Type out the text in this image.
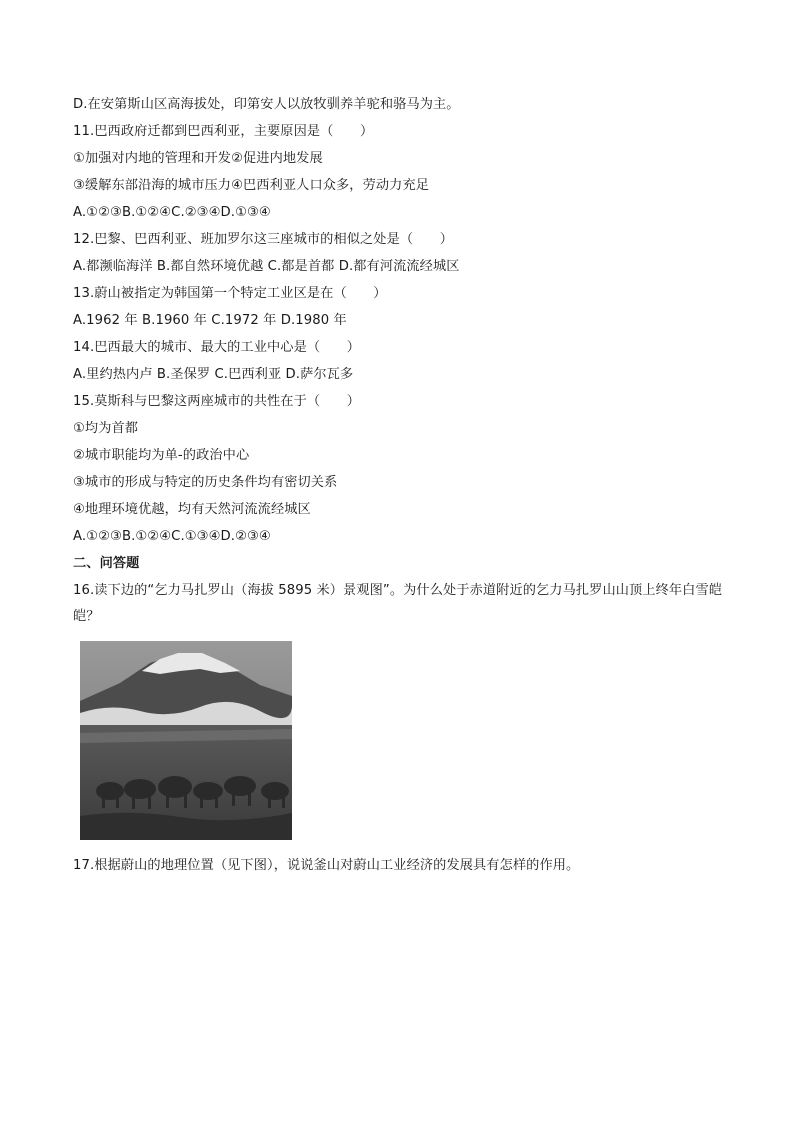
D.在安第斯山区高海拔处，印第安人以放牧驯养羊驼和骆马为主。
11.巴西政府迁都到巴西利亚，主要原因是（　　）
①加强对内地的管理和开发②促进内地发展
③缓解东部沿海的城市压力④巴西利亚人口众多，劳动力充足
A.①②③B.①②④C.②③④D.①③④
12.巴黎、巴西利亚、班加罗尔这三座城市的相似之处是（　　）
A.都濒临海洋 B.都自然环境优越 C.都是首都 D.都有河流流经城区
13.蔚山被指定为韩国第一个特定工业区是在（　　）
A.1962 年 B.1960 年 C.1972 年 D.1980 年
14.巴西最大的城市、最大的工业中心是（　　）
A.里约热内卢 B.圣保罗 C.巴西利亚 D.萨尔瓦多
15.莫斯科与巴黎这两座城市的共性在于（　　）
①均为首都
②城市职能均为单-的政治中心
③城市的形成与特定的历史条件均有密切关系
④地理环境优越，均有天然河流流经城区
A.①②③B.①②④C.①③④D.②③④
二、问答题
16.读下边的“乞力马扎罗山（海拔 5895 米）景观图”。为什么处于赤道附近的乞力马扎罗山山顶上终年白雪皑皑？
17.根据蔚山的地理位置（见下图），说说釜山对蔚山工业经济的发展具有怎样的作用。
